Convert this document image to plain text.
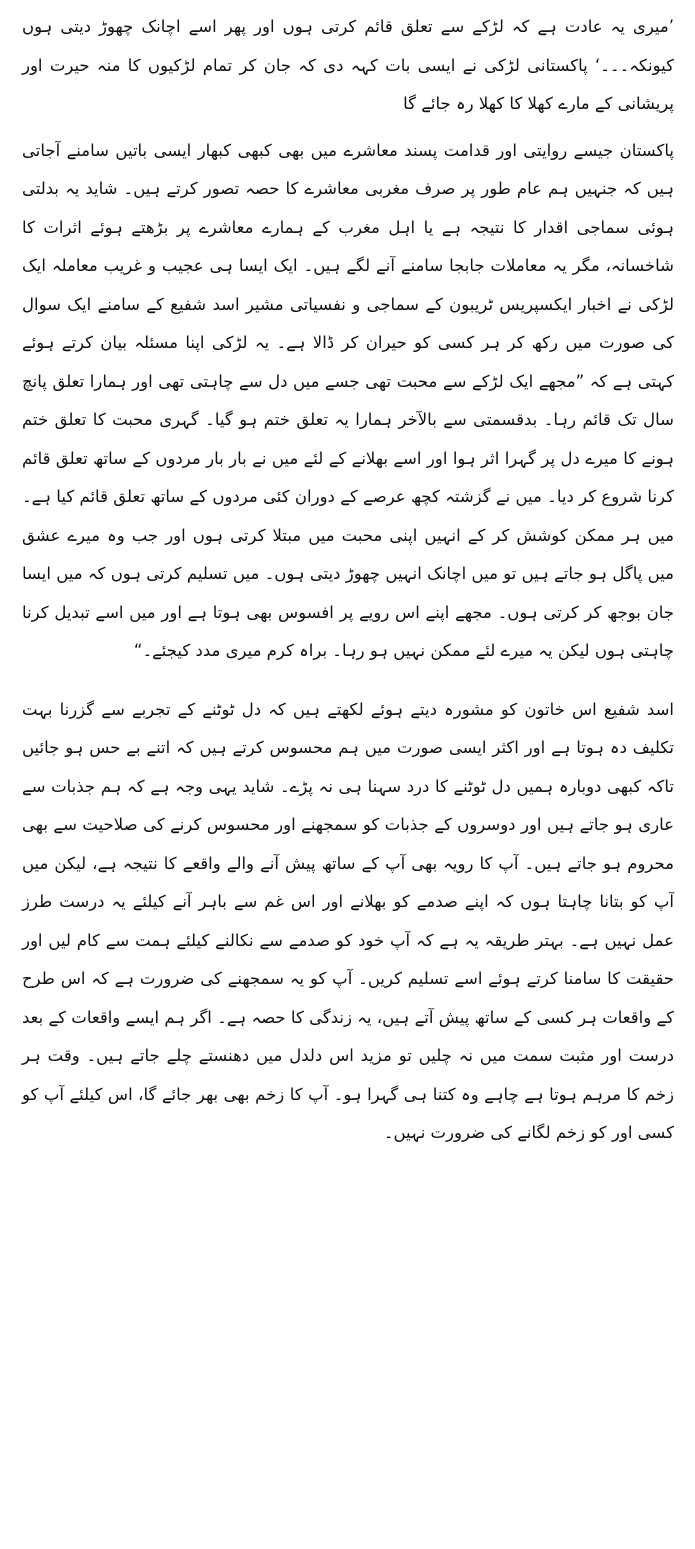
’میری یہ عادت ہے کہ لڑکے سے تعلق قائم کرتی ہوں اور پھر اسے اچانک چھوڑ دیتی ہوں کیونکہ۔۔۔‘ پاکستانی لڑکی نے ایسی بات کہہ دی کہ جان کر تمام لڑکیوں کا منہ حیرت اور پریشانی کے مارے کھلا کا کھلا رہ جائے گا

پاکستان جیسے روایتی اور قدامت پسند معاشرے میں بھی کبھی کبھار ایسی باتیں سامنے آجاتی ہیں کہ جنہیں ہم عام طور پر صرف مغربی معاشرے کا حصہ تصور کرتے ہیں۔ شاید یہ بدلتی ہوئی سماجی اقدار کا نتیجہ ہے یا اہل مغرب کے ہمارے معاشرے پر بڑھتے ہوئے اثرات کا شاخسانہ، مگر یہ معاملات جابجا سامنے آنے لگے ہیں۔ ایک ایسا ہی عجیب و غریب معاملہ ایک لڑکی نے اخبار ایکسپریس ٹریبون کے سماجی و نفسیاتی مشیر اسد شفیع کے سامنے ایک سوال کی صورت میں رکھ کر ہر کسی کو حیران کر ڈالا ہے۔ یہ لڑکی اپنا مسئلہ بیان کرتے ہوئے کہتی ہے کہ ”مجھے ایک لڑکے سے محبت تھی جسے میں دل سے چاہتی تھی اور ہمارا تعلق پانچ سال تک قائم رہا۔ بدقسمتی سے بالآخر ہمارا یہ تعلق ختم ہو گیا۔ گہری محبت کا تعلق ختم ہونے کا میرے دل پر گہرا اثر ہوا اور اسے بھلانے کے لئے میں نے بار بار مردوں کے ساتھ تعلق قائم کرنا شروع کر دیا۔ میں نے گزشتہ کچھ عرصے کے دوران کئی مردوں کے ساتھ تعلق قائم کیا ہے۔ میں ہر ممکن کوشش کر کے انہیں اپنی محبت میں مبتلا کرتی ہوں اور جب وہ میرے عشق میں پاگل ہو جاتے ہیں تو میں اچانک انہیں چھوڑ دیتی ہوں۔ میں تسلیم کرتی ہوں کہ میں ایسا جان بوجھ کر کرتی ہوں۔ مجھے اپنے اس رویے پر افسوس بھی ہوتا ہے اور میں اسے تبدیل کرنا چاہتی ہوں لیکن یہ میرے لئے ممکن نہیں ہو رہا۔ براہ کرم میری مدد کیجئے۔“

اسد شفیع اس خاتون کو مشورہ دیتے ہوئے لکھتے ہیں کہ دل ٹوٹنے کے تجربے سے گزرنا بہت تکلیف دہ ہوتا ہے اور اکثر ایسی صورت میں ہم محسوس کرتے ہیں کہ اتنے بے حس ہو جائیں تاکہ کبھی دوبارہ ہمیں دل ٹوٹنے کا درد سہنا ہی نہ پڑے۔ شاید یہی وجہ ہے کہ ہم جذبات سے عاری ہو جاتے ہیں اور دوسروں کے جذبات کو سمجھنے اور محسوس کرنے کی صلاحیت سے بھی محروم ہو جاتے ہیں۔ آپ کا رویہ بھی آپ کے ساتھ پیش آنے والے واقعے کا نتیجہ ہے، لیکن میں آپ کو بتانا چاہتا ہوں کہ اپنے صدمے کو بھلانے اور اس غم سے باہر آنے کیلئے یہ درست طرز عمل نہیں ہے۔ بہتر طریقہ یہ ہے کہ آپ خود کو صدمے سے نکالنے کیلئے ہمت سے کام لیں اور حقیقت کا سامنا کرتے ہوئے اسے تسلیم کریں۔ آپ کو یہ سمجھنے کی ضرورت ہے کہ اس طرح کے واقعات ہر کسی کے ساتھ پیش آتے ہیں، یہ زندگی کا حصہ ہے۔ اگر ہم ایسے واقعات کے بعد درست اور مثبت سمت میں نہ چلیں تو مزید اس دلدل میں دھنستے چلے جاتے ہیں۔ وقت ہر زخم کا مرہم ہوتا ہے چاہے وہ کتنا ہی گہرا ہو۔ آپ کا زخم بھی بھر جائے گا، اس کیلئے آپ کو کسی اور کو زخم لگانے کی ضرورت نہیں۔
